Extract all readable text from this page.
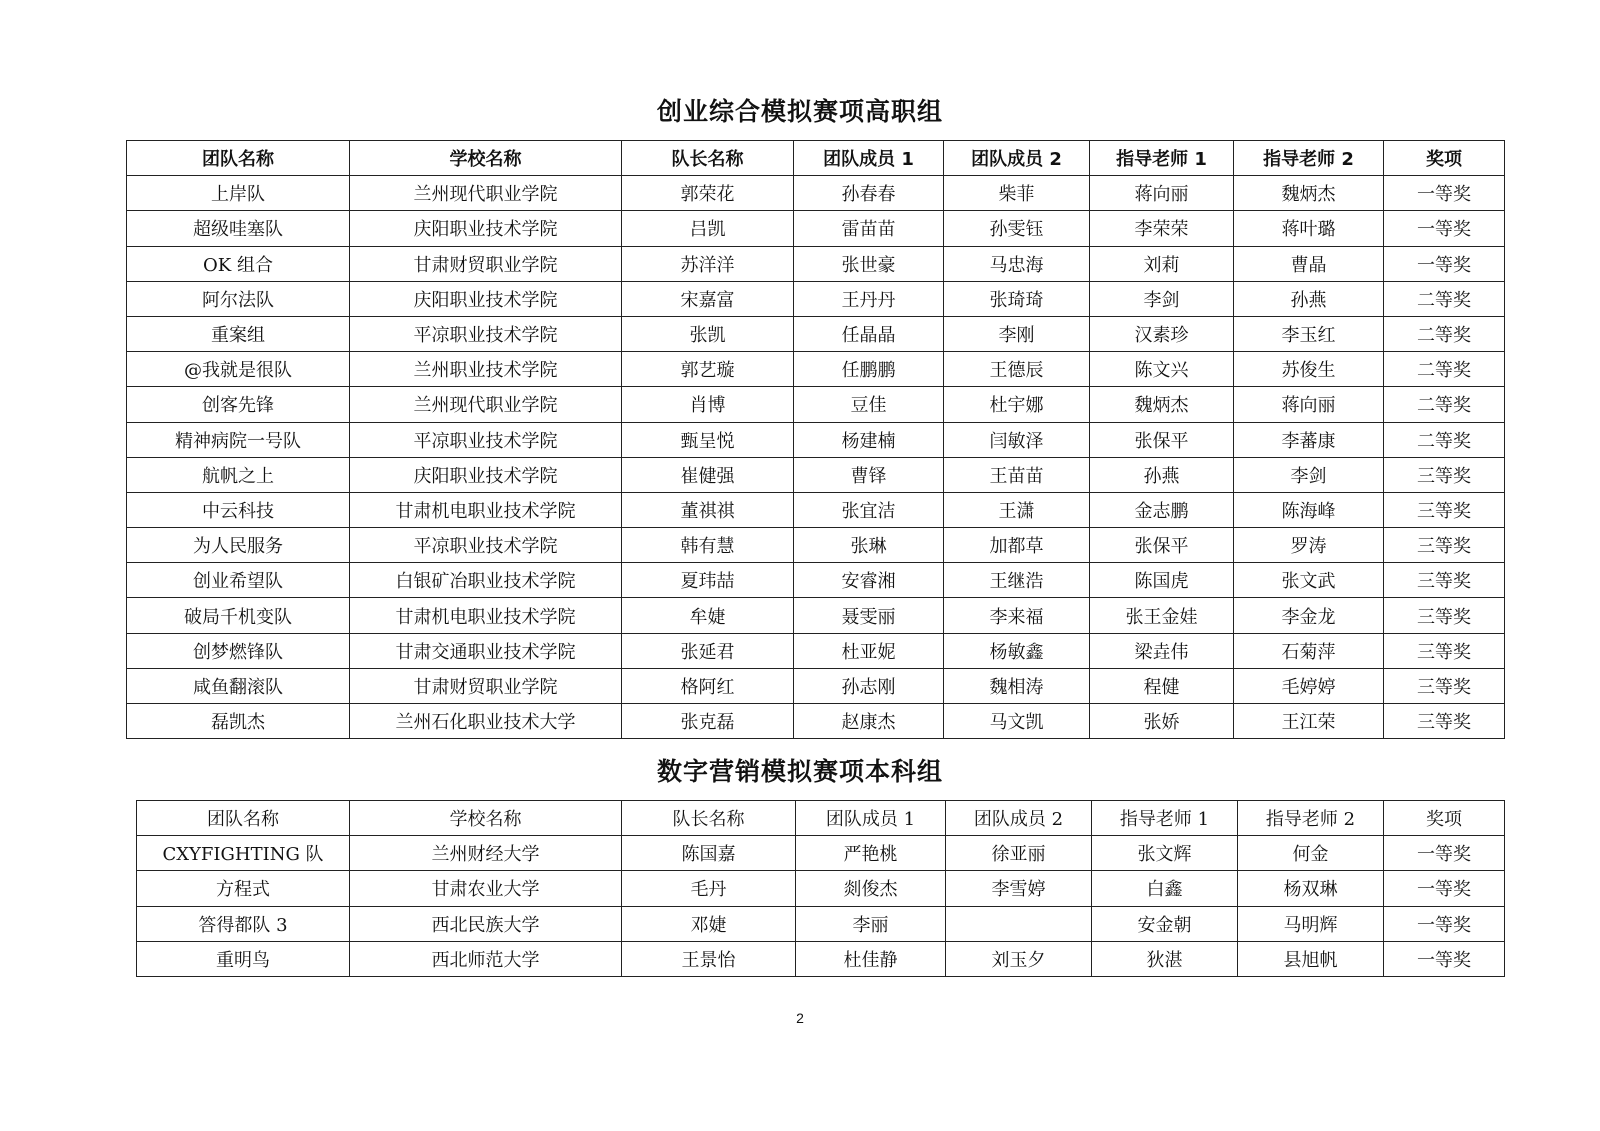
创业综合模拟赛项高职组
团队名称	学校名称	队长名称	团队成员 1	团队成员 2	指导老师 1	指导老师 2	奖项
上岸队	兰州现代职业学院	郭荣花	孙春春	柴菲	蒋向丽	魏炳杰	一等奖
超级哇塞队	庆阳职业技术学院	吕凯	雷苗苗	孙雯钰	李荣荣	蒋叶璐	一等奖
OK 组合	甘肃财贸职业学院	苏洋洋	张世豪	马忠海	刘莉	曹晶	一等奖
阿尔法队	庆阳职业技术学院	宋嘉富	王丹丹	张琦琦	李剑	孙燕	二等奖
重案组	平凉职业技术学院	张凯	任晶晶	李刚	汉素珍	李玉红	二等奖
@我就是很队	兰州职业技术学院	郭艺璇	任鹏鹏	王德辰	陈文兴	苏俊生	二等奖
创客先锋	兰州现代职业学院	肖博	豆佳	杜宇娜	魏炳杰	蒋向丽	二等奖
精神病院一号队	平凉职业技术学院	甄呈悦	杨建楠	闫敏泽	张保平	李蕃康	二等奖
航帆之上	庆阳职业技术学院	崔健强	曹铎	王苗苗	孙燕	李剑	三等奖
中云科技	甘肃机电职业技术学院	董祺祺	张宜洁	王潇	金志鹏	陈海峰	三等奖
为人民服务	平凉职业技术学院	韩有慧	张琳	加都草	张保平	罗涛	三等奖
创业希望队	白银矿冶职业技术学院	夏玮喆	安睿湘	王继浩	陈国虎	张文武	三等奖
破局千机变队	甘肃机电职业技术学院	牟婕	聂雯丽	李来福	张王金娃	李金龙	三等奖
创梦燃锋队	甘肃交通职业技术学院	张延君	杜亚妮	杨敏鑫	梁垚伟	石菊萍	三等奖
咸鱼翻滚队	甘肃财贸职业学院	格阿红	孙志刚	魏相涛	程健	毛婷婷	三等奖
磊凯杰	兰州石化职业技术大学	张克磊	赵康杰	马文凯	张娇	王江荣	三等奖
数字营销模拟赛项本科组
团队名称	学校名称	队长名称	团队成员 1	团队成员 2	指导老师 1	指导老师 2	奖项
CXYFIGHTING 队	兰州财经大学	陈国嘉	严艳桃	徐亚丽	张文辉	何金	一等奖
方程式	甘肃农业大学	毛丹	剡俊杰	李雪婷	白鑫	杨双琳	一等奖
答得都队 3	西北民族大学	邓婕	李丽		安金朝	马明辉	一等奖
重明鸟	西北师范大学	王景怡	杜佳静	刘玉夕	狄湛	县旭帆	一等奖
2
